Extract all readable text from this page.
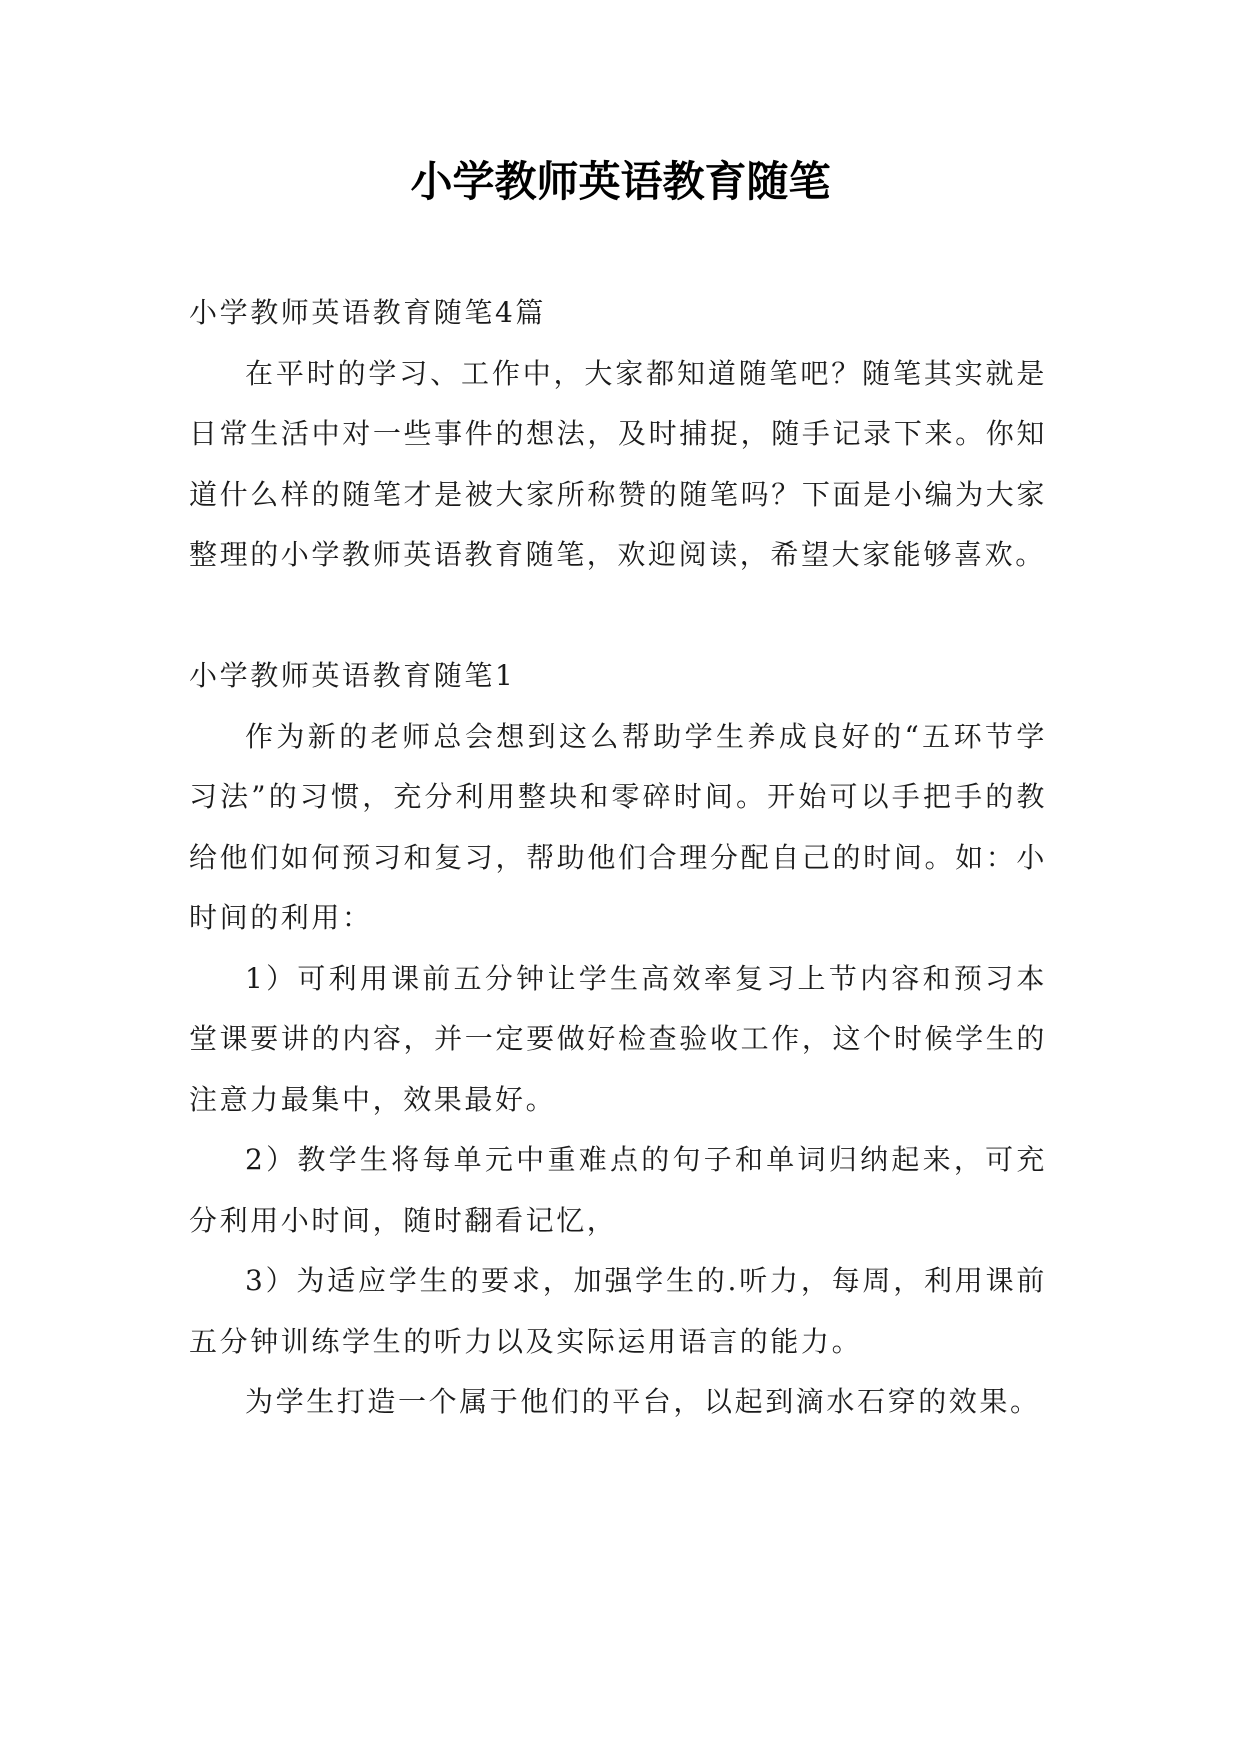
小学教师英语教育随笔

小学教师英语教育随笔4篇

在平时的学习、工作中，大家都知道随笔吧？随笔其实就是日常生活中对一些事件的想法，及时捕捉，随手记录下来。你知道什么样的随笔才是被大家所称赞的随笔吗？下面是小编为大家整理的小学教师英语教育随笔，欢迎阅读，希望大家能够喜欢。

小学教师英语教育随笔1

作为新的老师总会想到这么帮助学生养成良好的“五环节学习法”的习惯，充分利用整块和零碎时间。开始可以手把手的教给他们如何预习和复习，帮助他们合理分配自己的时间。如：小时间的利用：

1）可利用课前五分钟让学生高效率复习上节内容和预习本堂课要讲的内容，并一定要做好检查验收工作，这个时候学生的注意力最集中，效果最好。

2）教学生将每单元中重难点的句子和单词归纳起来，可充分利用小时间，随时翻看记忆，

3）为适应学生的要求，加强学生的.听力，每周，利用课前五分钟训练学生的听力以及实际运用语言的能力。

为学生打造一个属于他们的平台，以起到滴水石穿的效果。
